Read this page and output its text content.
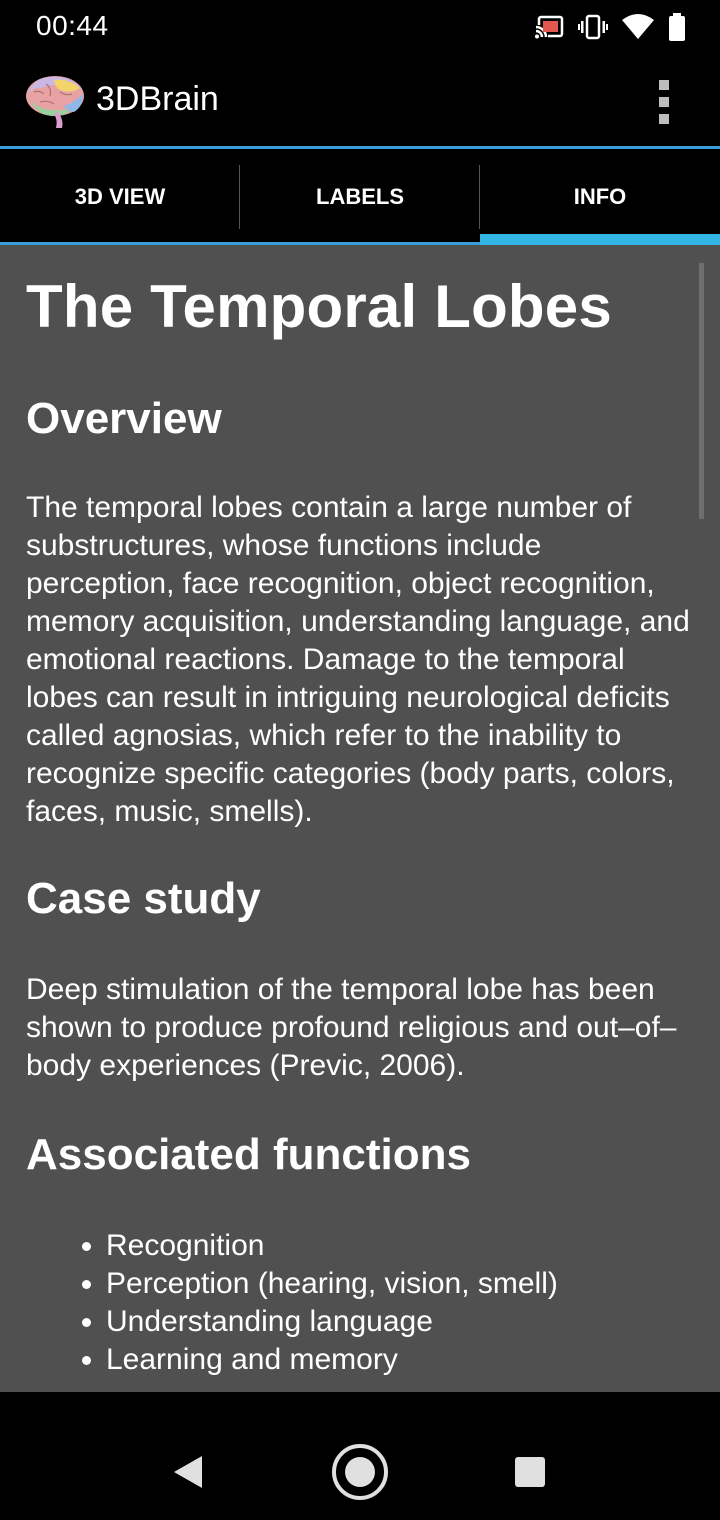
00:44
3DBrain
3D VIEW	LABELS	INFO
The Temporal Lobes
Overview

The temporal lobes contain a large number of substructures, whose functions include perception, face recognition, object recognition, memory acquisition, understanding language, and emotional reactions. Damage to the temporal lobes can result in intriguing neurological deficits called agnosias, which refer to the inability to recognize specific categories (body parts, colors, faces, music, smells).

Case study

Deep stimulation of the temporal lobe has been shown to produce profound religious and out–of–body experiences (Previc, 2006).

Associated functions
• Recognition
• Perception (hearing, vision, smell)
• Understanding language
• Learning and memory
